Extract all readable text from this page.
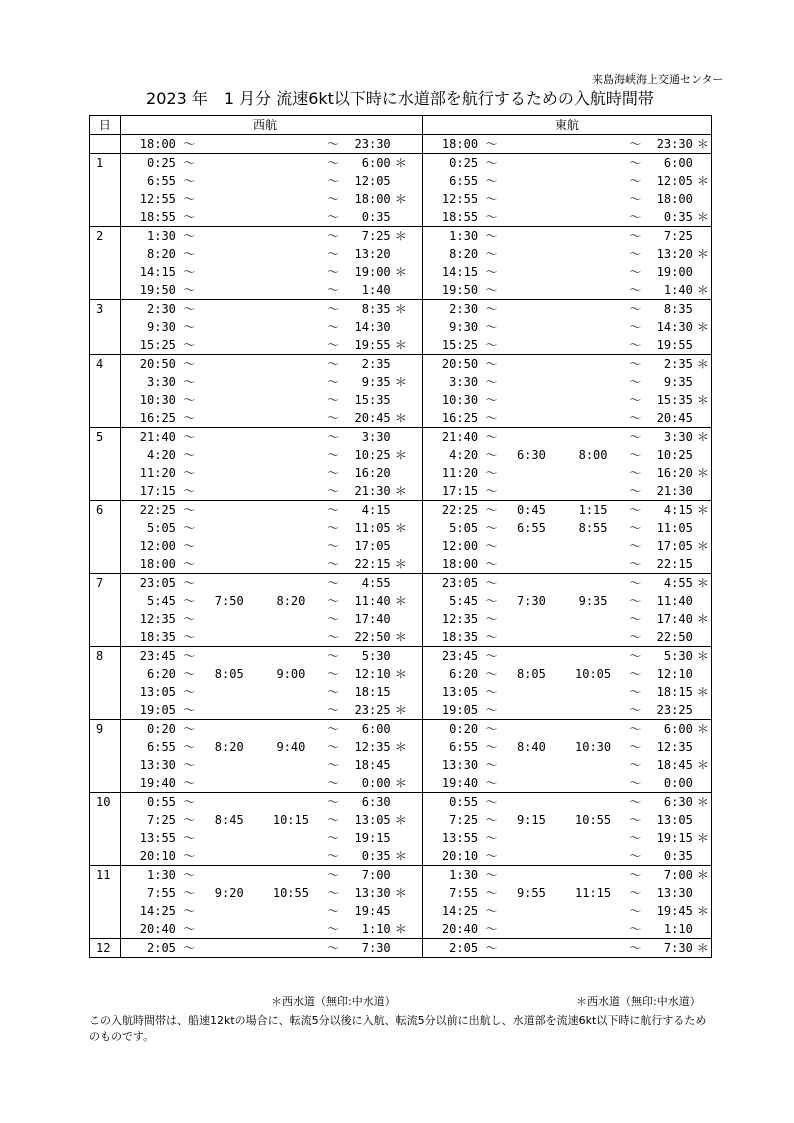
来島海峡海上交通センター
2023 年　1 月分 流速6kt以下時に水道部を航行するための入航時間帯
日	西航								東航						
	18:00	～			～	23:30			18:00	～			～	23:30	＊
1	0:25	～			～	6:00	＊		0:25	～			～	6:00	
	6:55	～			～	12:05			6:55	～			～	12:05	＊
	12:55	～			～	18:00	＊		12:55	～			～	18:00	
	18:55	～			～	0:35			18:55	～			～	0:35	＊
2	1:30	～			～	7:25	＊		1:30	～			～	7:25	
	8:20	～			～	13:20			8:20	～			～	13:20	＊
	14:15	～			～	19:00	＊		14:15	～			～	19:00	
	19:50	～			～	1:40			19:50	～			～	1:40	＊
3	2:30	～			～	8:35	＊		2:30	～			～	8:35	
	9:30	～			～	14:30			9:30	～			～	14:30	＊
	15:25	～			～	19:55	＊		15:25	～			～	19:55	
4	20:50	～			～	2:35			20:50	～			～	2:35	＊
	3:30	～			～	9:35	＊		3:30	～			～	9:35	
	10:30	～			～	15:35			10:30	～			～	15:35	＊
	16:25	～			～	20:45	＊		16:25	～			～	20:45	
5	21:40	～			～	3:30			21:40	～			～	3:30	＊
	4:20	～			～	10:25	＊		4:20	～	6:30	8:00	～	10:25	
	11:20	～			～	16:20			11:20	～			～	16:20	＊
	17:15	～			～	21:30	＊		17:15	～			～	21:30	
6	22:25	～			～	4:15			22:25	～	0:45	1:15	～	4:15	＊
	5:05	～			～	11:05	＊		5:05	～	6:55	8:55	～	11:05	
	12:00	～			～	17:05			12:00	～			～	17:05	＊
	18:00	～			～	22:15	＊		18:00	～			～	22:15	
7	23:05	～			～	4:55			23:05	～			～	4:55	＊
	5:45	～	7:50	8:20	～	11:40	＊		5:45	～	7:30	9:35	～	11:40	
	12:35	～			～	17:40			12:35	～			～	17:40	＊
	18:35	～			～	22:50	＊		18:35	～			～	22:50	
8	23:45	～			～	5:30			23:45	～			～	5:30	＊
	6:20	～	8:05	9:00	～	12:10	＊		6:20	～	8:05	10:05	～	12:10	
	13:05	～			～	18:15			13:05	～			～	18:15	＊
	19:05	～			～	23:25	＊		19:05	～			～	23:25	
9	0:20	～			～	6:00			0:20	～			～	6:00	＊
	6:55	～	8:20	9:40	～	12:35	＊		6:55	～	8:40	10:30	～	12:35	
	13:30	～			～	18:45			13:30	～			～	18:45	＊
	19:40	～			～	0:00	＊		19:40	～			～	0:00	
10	0:55	～			～	6:30			0:55	～			～	6:30	＊
	7:25	～	8:45	10:15	～	13:05	＊		7:25	～	9:15	10:55	～	13:05	
	13:55	～			～	19:15			13:55	～			～	19:15	＊
	20:10	～			～	0:35	＊		20:10	～			～	0:35	
11	1:30	～			～	7:00			1:30	～			～	7:00	＊
	7:55	～	9:20	10:55	～	13:30	＊		7:55	～	9:55	11:15	～	13:30	
	14:25	～			～	19:45			14:25	～			～	19:45	＊
	20:40	～			～	1:10	＊		20:40	～			～	1:10	
12	2:05	～			～	7:30			2:05	～			～	7:30	＊
＊西水道（無印:中水道）	＊西水道（無印:中水道）
この入航時間帯は、船速12ktの場合に、転流5分以後に入航、転流5分以前に出航し、水道部を流速6kt以下時に航行するためのものです。
